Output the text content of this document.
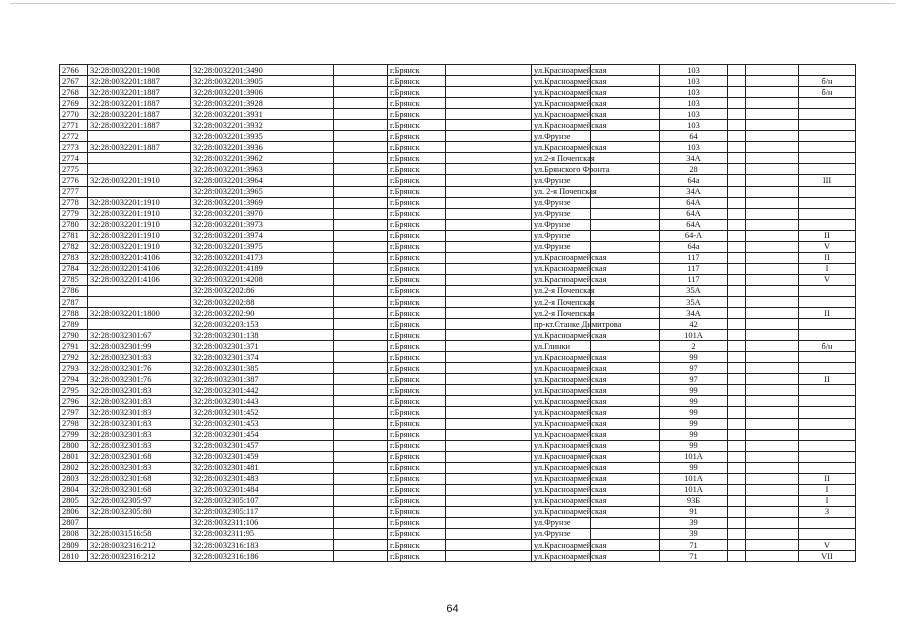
2766	32:28:0032201:1908	32:28:0032201:3490		г.Брянск		ул.Красноармейская		103			
2767	32:28:0032201:1887	32:28:0032201:3905		г.Брянск		ул.Красноармейская		103			б/н
2768	32:28:0032201:1887	32:28:0032201:3906		г.Брянск		ул.Красноармейская		103			б/н
2769	32:28:0032201:1887	32:28:0032201:3928		г.Брянск		ул.Красноармейская		103			
2770	32:28:0032201:1887	32:28:0032201:3931		г.Брянск		ул.Красноармейская		103			
2771	32:28:0032201:1887	32:28:0032201:3932		г.Брянск		ул.Красноармейская		103			
2772		32:28:0032201:3935		г.Брянск		ул.Фрунзе		64			
2773	32:28:0032201:1887	32:28:0032201:3936		г.Брянск		ул.Красноармейская		103			
2774		32:28:0032201:3962		г.Брянск		ул.2-я Почепская		34А			
2775		32:28:0032201:3963		г.Брянск		ул.Брянского Фронта		28			
2776	32:28:0032201:1910	32:28:0032201:3964		г.Брянск		ул.Фрунзе		64а			III
2777		32:28:0032201:3965		г.Брянск		ул. 2-я Почепская		34А			
2778	32:28:0032201:1910	32:28:0032201:3969		г.Брянск		ул.Фрунзе		64А			
2779	32:28:0032201:1910	32:28:0032201:3970		г.Брянск		ул.Фрунзе		64А			
2780	32:28:0032201:1910	32:28:0032201:3973		г.Брянск		ул.Фрунзе		64А			
2781	32:28:0032201:1910	32:28:0032201:3974		г.Брянск		ул.Фрунзе		64-А			II
2782	32:28:0032201:1910	32:28:0032201:3975		г.Брянск		ул.Фрунзе		64а			V
2783	32:28:0032201:4106	32:28:0032201:4173		г.Брянск		ул.Красноармейская		117			II
2784	32:28:0032201:4106	32:28:0032201:4189		г.Брянск		ул.Красноармейская		117			I
2785	32:28:0032201:4106	32:28:0032201:4208		г.Брянск		ул.Красноармейская		117			V
2786		32:28:0032202:86		г.Брянск		ул.2-я Почепская		35А			
2787		32:28:0032202:88		г.Брянск		ул.2-я Почепская		35А			
2788	32:28:0032201:1800	32:28:0032202:90		г.Брянск		ул.2-я Почепская		34А			II
2789		32:28:0032203:153		г.Брянск		пр-кт.Станке Димитрова		42			
2790	32:28:0032301:67	32:28:0032301:138		г.Брянск		ул.Красноармейская		101А			
2791	32:28:0032301:99	32:28:0032301:371		г.Брянск		ул.Глинки		2			б/н
2792	32:28:0032301:83	32:28:0032301:374		г.Брянск		ул.Красноармейская		99			
2793	32:28:0032301:76	32:28:0032301:385		г.Брянск		ул.Красноармейская		97			
2794	32:28:0032301:76	32:28:0032301:387		г.Брянск		ул.Красноармейская		97			II
2795	32:28:0032301:83	32:28:0032301:442		г.Брянск		ул.Красноармейская		99			
2796	32:28:0032301:83	32:28:0032301:443		г.Брянск		ул.Красноармейская		99			
2797	32:28:0032301:83	32:28:0032301:452		г.Брянск		ул.Красноармейская		99			
2798	32:28:0032301:83	32:28:0032301:453		г.Брянск		ул.Красноармейская		99			
2799	32:28:0032301:83	32:28:0032301:454		г.Брянск		ул.Красноармейская		99			
2800	32:28:0032301:83	32:28:0032301:457		г.Брянск		ул.Красноармейская		99			
2801	32:28:0032301:68	32:28:0032301:459		г.Брянск		ул.Красноармейская		101А			
2802	32:28:0032301:83	32:28:0032301:481		г.Брянск		ул.Красноармейская		99			
2803	32:28:0032301:68	32:28:0032301:483		г.Брянск		ул.Красноармейская		101А			II
2804	32:28:0032301:68	32:28:0032301:484		г.Брянск		ул.Красноармейская		101А			I
2805	32:28:0032305:97	32:28:0032305:107		г.Брянск		ул.Красноармейская		93Б			I
2806	32:28:0032305:80	32:28:0032305:117		г.Брянск		ул.Красноармейская		91			3
2807		32:28:0032311:106		г.Брянск		ул.Фрунзе		39			
2808	32:28:0031516:58	32:28:0032311:95		г.Брянск		ул.Фрунзе		39			
2809	32:28:0032316:212	32:28:0032316:183		г.Брянск		ул.Красноармейская		71			V
2810	32:28:0032316:212	32:28:0032316:186		г.Брянск		ул.Красноармейская		71			VII
64
